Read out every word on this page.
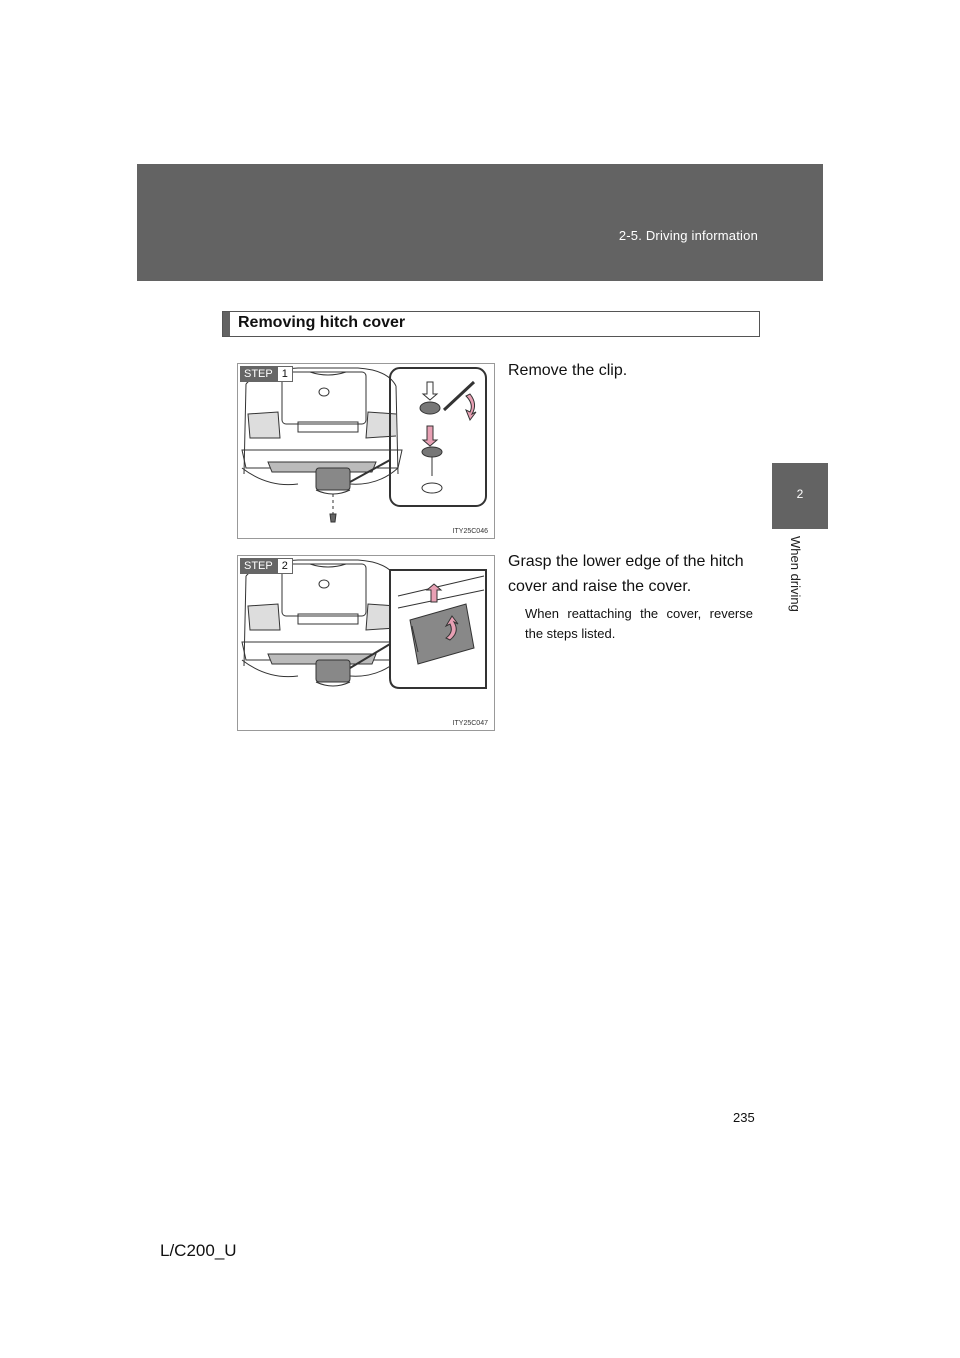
2-5. Driving information
2
When driving
Removing hitch cover
STEP 1
ITY25C046
Remove the clip.
STEP 2
ITY25C047
Grasp the lower edge of the hitch cover and raise the cover.
When reattaching the cover, reverse the steps listed.
235
L/C200_U
